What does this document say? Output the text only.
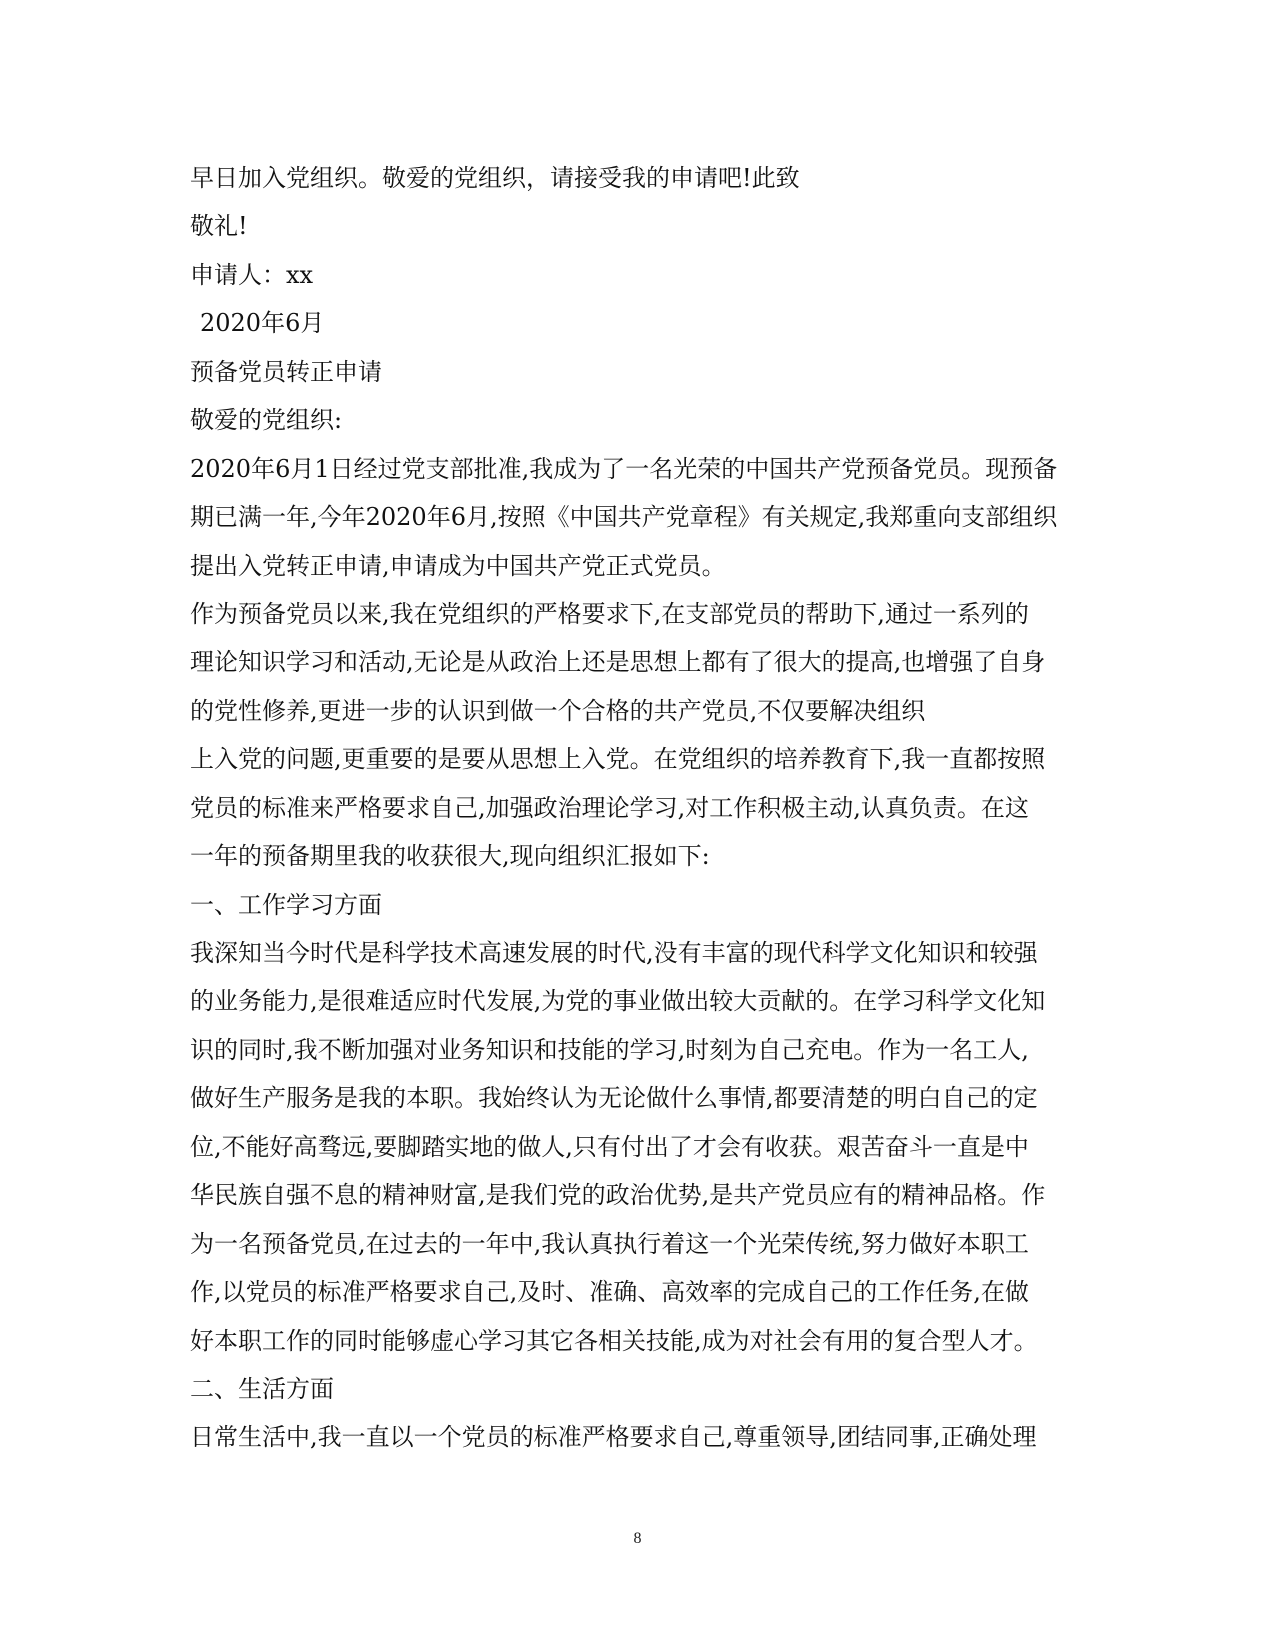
早日加入党组织。敬爱的党组织，请接受我的申请吧!此致
敬礼!
申请人：xx
2020年6月
预备党员转正申请
敬爱的党组织:
2020年6月1日经过党支部批准,我成为了一名光荣的中国共产党预备党员。现预备
期已满一年,今年2020年6月,按照《中国共产党章程》有关规定,我郑重向支部组织
提出入党转正申请,申请成为中国共产党正式党员。
作为预备党员以来,我在党组织的严格要求下,在支部党员的帮助下,通过一系列的
理论知识学习和活动,无论是从政治上还是思想上都有了很大的提高,也增强了自身
的党性修养,更进一步的认识到做一个合格的共产党员,不仅要解决组织
上入党的问题,更重要的是要从思想上入党。在党组织的培养教育下,我一直都按照
党员的标准来严格要求自己,加强政治理论学习,对工作积极主动,认真负责。在这
一年的预备期里我的收获很大,现向组织汇报如下:
一、工作学习方面
我深知当今时代是科学技术高速发展的时代,没有丰富的现代科学文化知识和较强
的业务能力,是很难适应时代发展,为党的事业做出较大贡献的。在学习科学文化知
识的同时,我不断加强对业务知识和技能的学习,时刻为自己充电。作为一名工人,
做好生产服务是我的本职。我始终认为无论做什么事情,都要清楚的明白自己的定
位,不能好高骛远,要脚踏实地的做人,只有付出了才会有收获。艰苦奋斗一直是中
华民族自强不息的精神财富,是我们党的政治优势,是共产党员应有的精神品格。作
为一名预备党员,在过去的一年中,我认真执行着这一个光荣传统,努力做好本职工
作,以党员的标准严格要求自己,及时、准确、高效率的完成自己的工作任务,在做
好本职工作的同时能够虚心学习其它各相关技能,成为对社会有用的复合型人才。
二、生活方面
日常生活中,我一直以一个党员的标准严格要求自己,尊重领导,团结同事,正确处理
8
